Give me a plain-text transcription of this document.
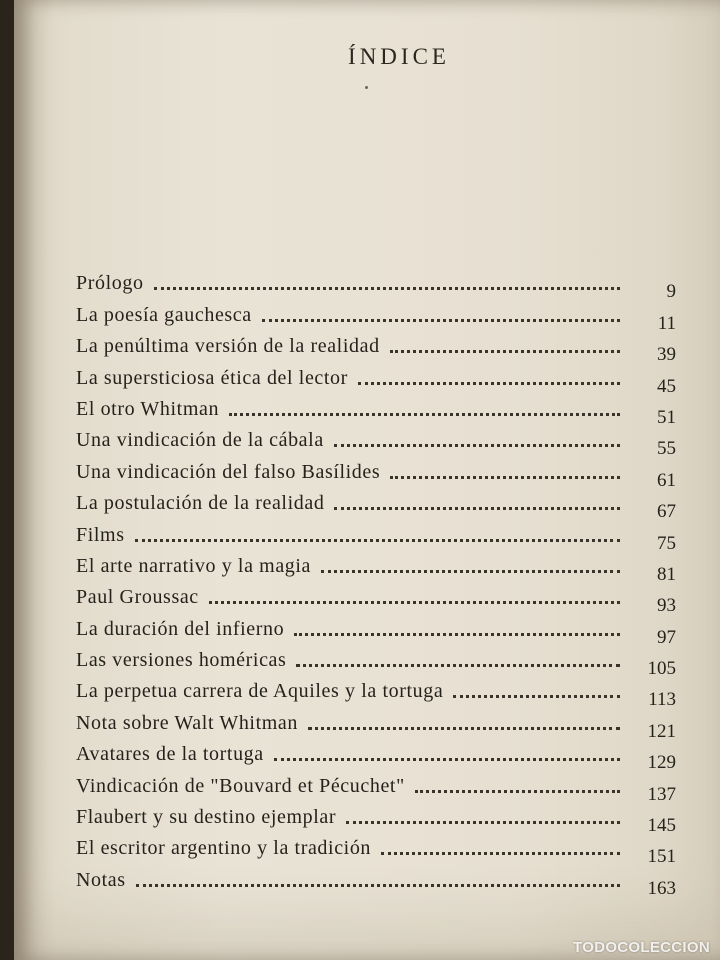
ÍNDICE
Prólogo	9
La poesía gauchesca	11
La penúltima versión de la realidad	39
La supersticiosa ética del lector	45
El otro Whitman	51
Una vindicación de la cábala	55
Una vindicación del falso Basílides	61
La postulación de la realidad	67
Films	75
El arte narrativo y la magia	81
Paul Groussac	93
La duración del infierno	97
Las versiones homéricas	105
La perpetua carrera de Aquiles y la tortuga	113
Nota sobre Walt Whitman	121
Avatares de la tortuga	129
Vindicación de "Bouvard et Pécuchet"	137
Flaubert y su destino ejemplar	145
El escritor argentino y la tradición	151
Notas	163
TODOCOLECCION
